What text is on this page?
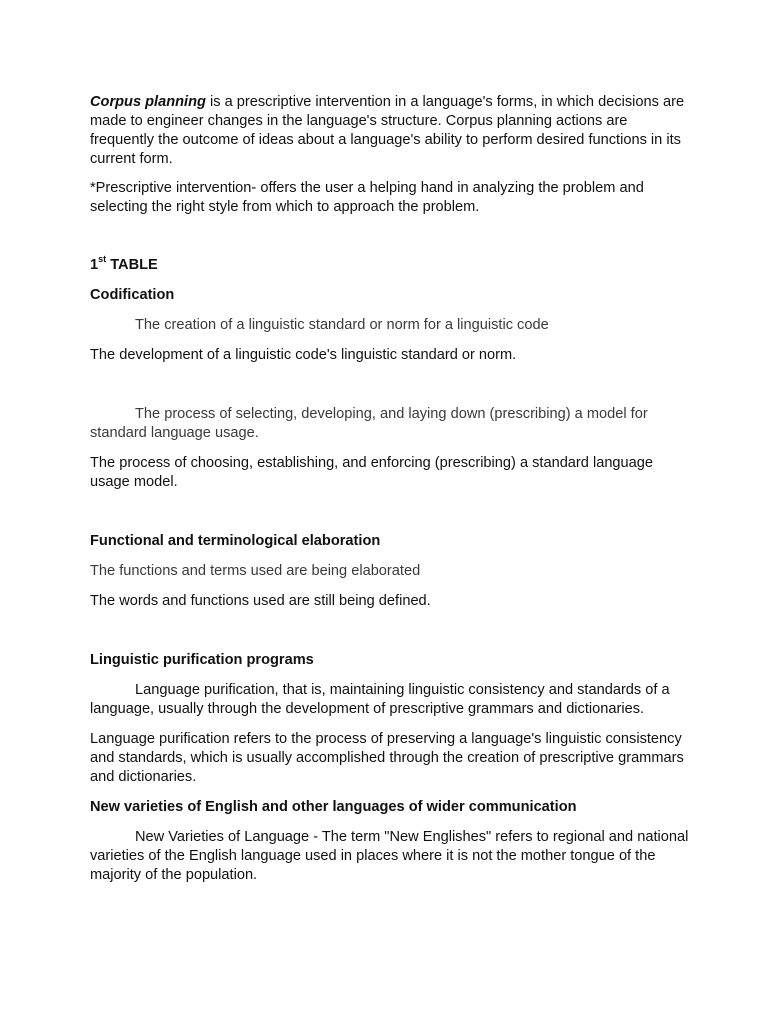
Corpus planning is a prescriptive intervention in a language's forms, in which decisions are made to engineer changes in the language's structure. Corpus planning actions are frequently the outcome of ideas about a language's ability to perform desired functions in its current form.

*Prescriptive intervention- offers the user a helping hand in analyzing the problem and selecting the right style from which to approach the problem.

1st TABLE

Codification

The creation of a linguistic standard or norm for a linguistic code

The development of a linguistic code's linguistic standard or norm.

The process of selecting, developing, and laying down (prescribing) a model for standard language usage.

The process of choosing, establishing, and enforcing (prescribing) a standard language usage model.

Functional and terminological elaboration

The functions and terms used are being elaborated

The words and functions used are still being defined.

Linguistic purification programs

Language purification, that is, maintaining linguistic consistency and standards of a language, usually through the development of prescriptive grammars and dictionaries.

Language purification refers to the process of preserving a language's linguistic consistency and standards, which is usually accomplished through the creation of prescriptive grammars and dictionaries.

New varieties of English and other languages of wider communication

New Varieties of Language - The term "New Englishes" refers to regional and national varieties of the English language used in places where it is not the mother tongue of the majority of the population.
